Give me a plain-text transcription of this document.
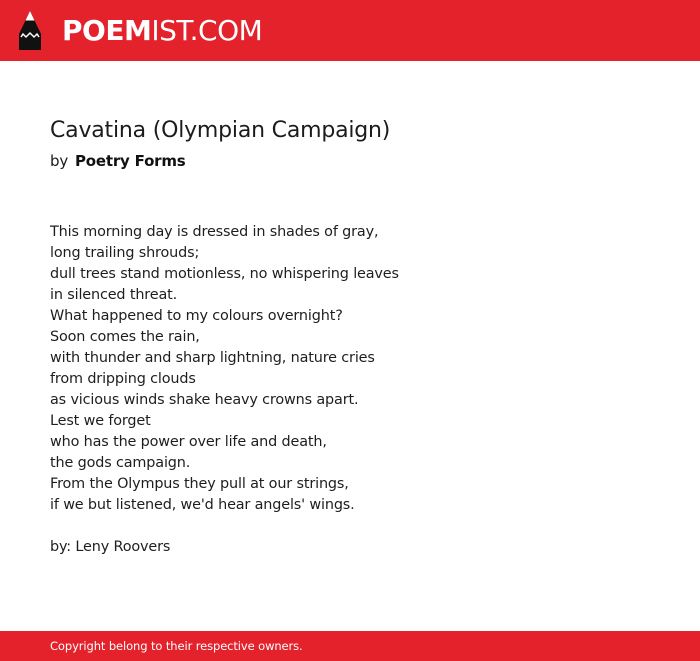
POEMIST.COM
Cavatina (Olympian Campaign)
by Poetry Forms
This morning day is dressed in shades of gray,
long trailing shrouds;
dull trees stand motionless, no whispering leaves
in silenced threat.
What happened to my colours overnight?
Soon comes the rain,
with thunder and sharp lightning, nature cries
from dripping clouds
as vicious winds shake heavy crowns apart.
Lest we forget
who has the power over life and death,
the gods campaign.
From the Olympus they pull at our strings,
if we but listened, we'd hear angels' wings.
by: Leny Roovers
Copyright belong to their respective owners.
